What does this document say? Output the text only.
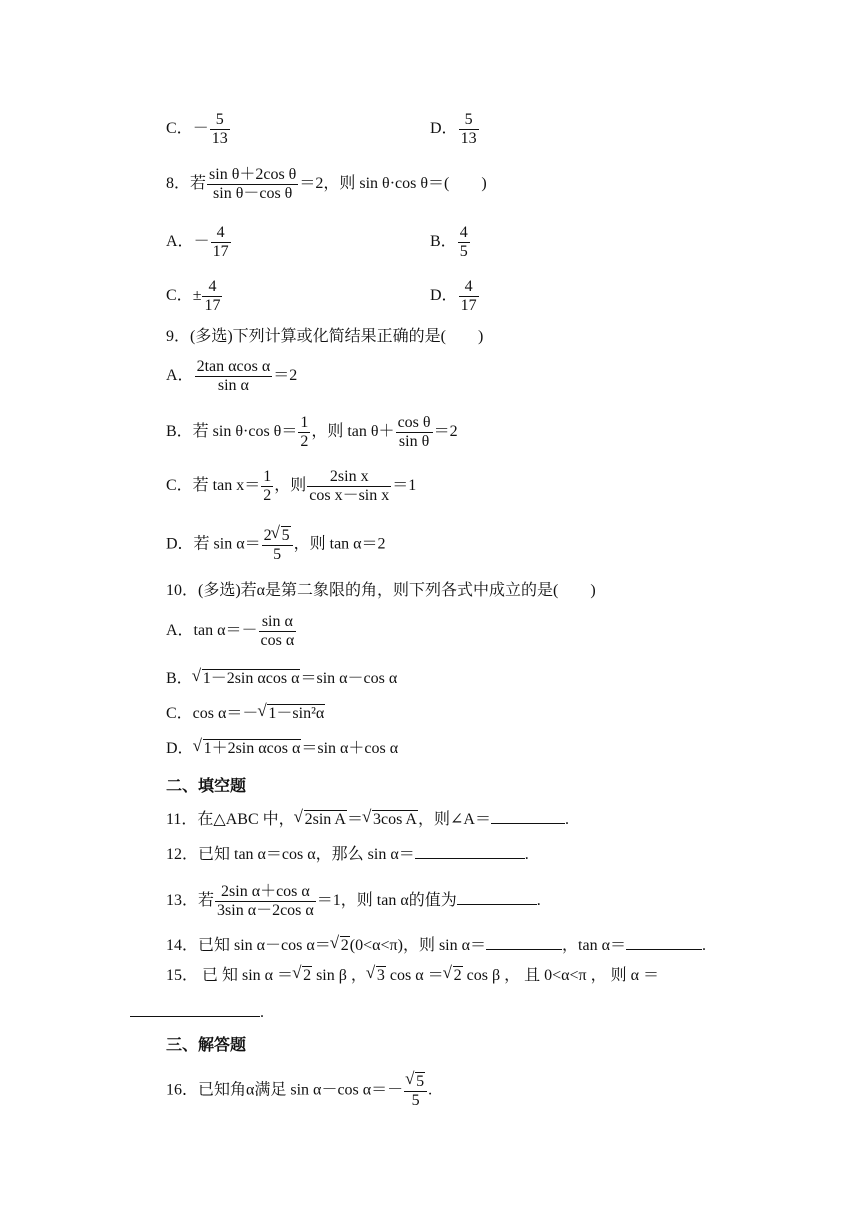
C．－ $\frac{5}{13}$	D． $\frac{5}{13}$
8．若 $\frac{\text{sin θ＋2cos θ}}{\text{sin θ－cos θ}} =2$，则 sin θ·cos θ＝(　　)
A．－ $\frac{4}{17}$	B． $\frac{4}{5}$
C．± $\frac{4}{17}$	D． $\frac{4}{17}$
9．(多选)下列计算或化简结果正确的是(　　)
A． $\frac{\text{2tan αcos α}}{\text{sin α}} =2$
B．若 sin θ·cos $\theta= \frac{1}{2}$ ，则 $\tan \theta+ \frac{\text{cos θ}}{\text{sin θ}} =2$
C．若 $\tan x= \frac{1}{2}$ ，则 $\frac{\text{2sin x}}{\text{cos x－sin x}} =1$
D．若 $\sin \alpha= \frac{2 √ 5}{5}$ ，则 tan α＝2
10．(多选)若α是第二象限的角，则下列各式中成立的是(　　)
A．$\tan \alpha=- \frac{\text{sin α}}{\text{cos α}}$
B． √ 1－2sin αcos α＝sin α－cos α
C．cos α＝－ √ 1－sin²α
D． √ 1＋2sin αcos α＝sin α＋cos α
二、填空题
11．在△ABC 中， √ 2sin A＝ √ 3cos A，则∠A＝	.
12．已知 tan α＝cos α，那么 sin α＝	.
13．若 $\frac{\text{2sin α＋cos α}}{\text{3sin α－2cos α}} =1$，则 tan α的值为	.
14．已知 sin α－cos α＝ √ 2(0<α<π)，则 sin α＝	，tan α＝	.
15． 已 知 sin α ＝ √ 2 sin β ， √ 3 cos α ＝ √ 2 cos β ， 且 0<α<π ， 则 α ＝
.
三、解答题
16．已知角α满足 sin α－cos α＝－ √ $\frac{5}{5}$ .
